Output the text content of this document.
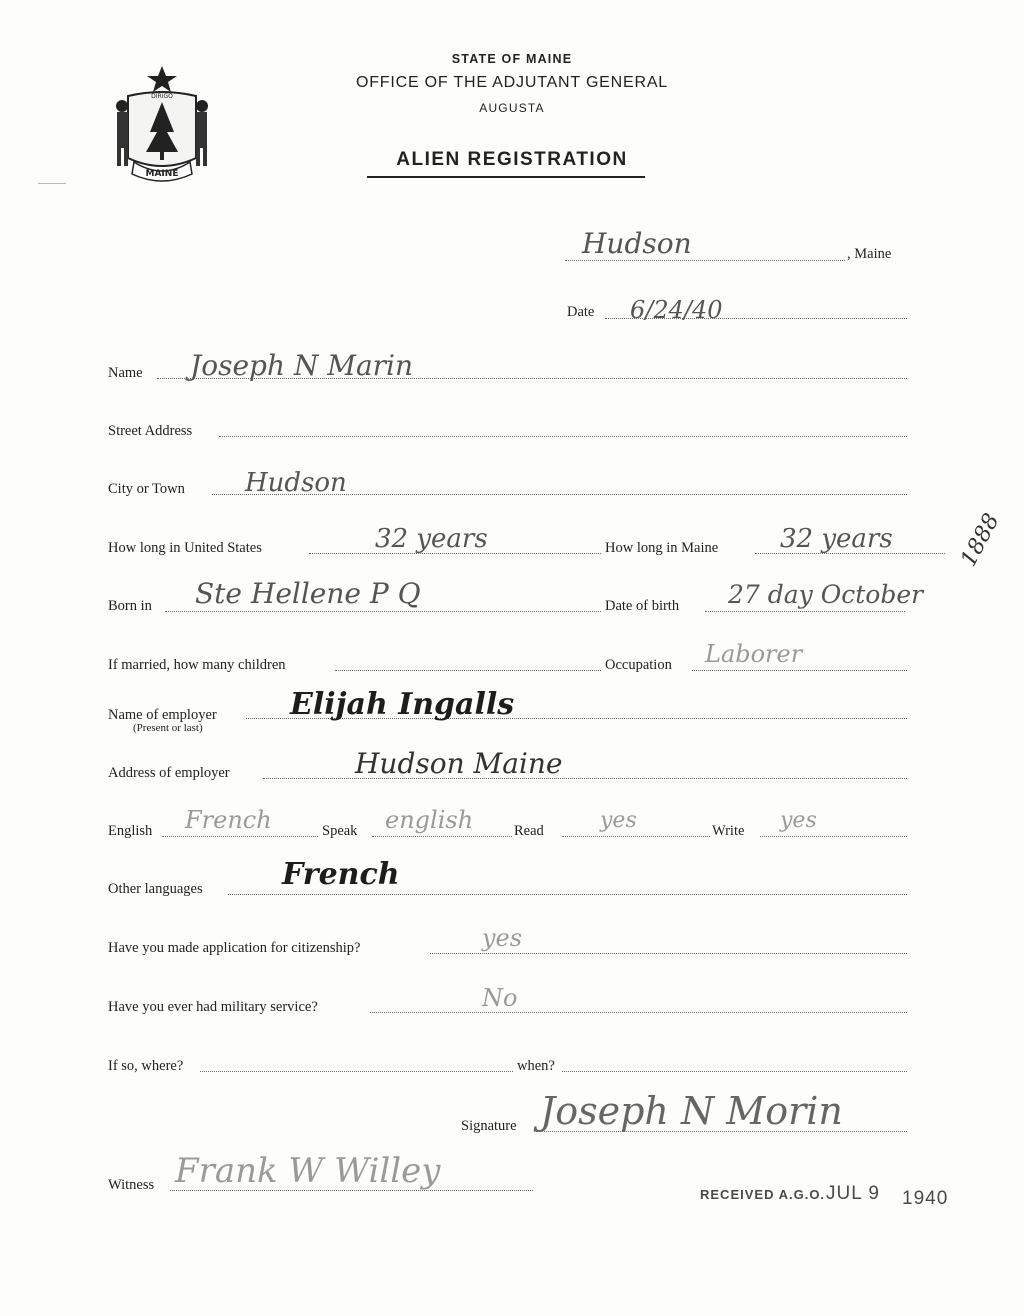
MAINE
DIRIGO
STATE OF MAINE
OFFICE OF THE ADJUTANT GENERAL
AUGUSTA
ALIEN REGISTRATION
Hudson	, Maine
Date 6/24/40
Name Joseph N Marin
Street Address
City or Town Hudson
How long in United States	32 years	How long in Maine 32 years	1888
Born in Ste Hellene P Q	Date of birth 27 day October
If married, how many children	Occupation Laborer
Name of employer
(Present or last)
Elijah Ingalls
Address of employer	Hudson Maine
English French	Speak english	Read	yes	Write yes
Other languages	French
Have you made application for citizenship?	yes
Have you ever had military service?	No
If so, where?	when?
Signature Joseph N Morin
Witness Frank W Willey
RECEIVED A.G.O. JUL 9 1940
